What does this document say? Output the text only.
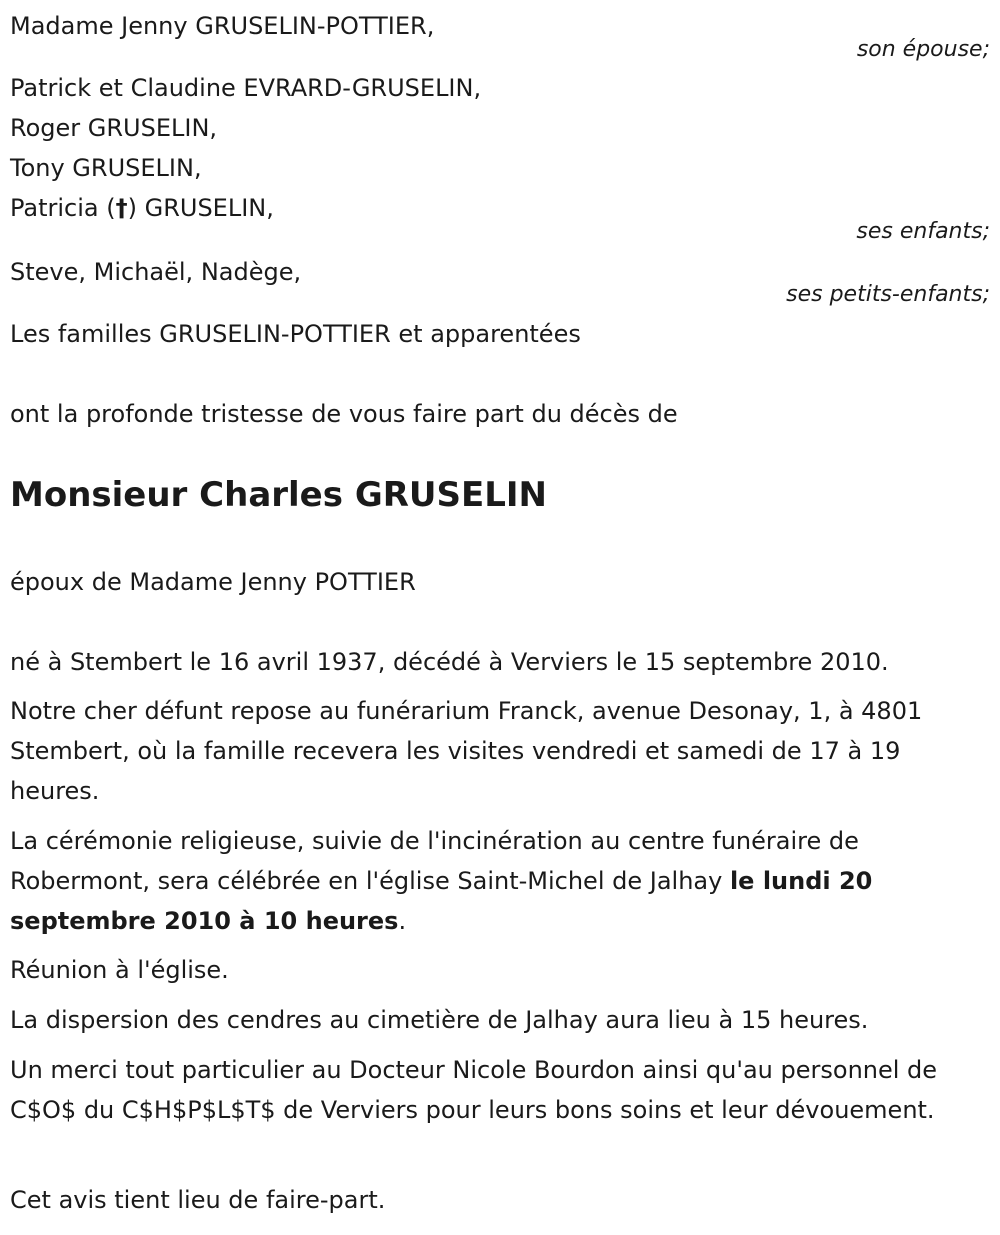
Madame Jenny GRUSELIN-POTTIER,

son épouse;

Patrick et Claudine EVRARD-GRUSELIN,

Roger GRUSELIN,

Tony GRUSELIN,

Patricia (†) GRUSELIN,

ses enfants;

Steve, Michaël, Nadège,

ses petits-enfants;

Les familles GRUSELIN-POTTIER et apparentées

ont la profonde tristesse de vous faire part du décès de

Monsieur Charles GRUSELIN

époux de Madame Jenny POTTIER

né à Stembert le 16 avril 1937, décédé à Verviers le 15 septembre 2010.

Notre cher défunt repose au funérarium Franck, avenue Desonay, 1, à 4801 Stembert, où la famille recevera les visites vendredi et samedi de 17 à 19 heures.

La cérémonie religieuse, suivie de l'incinération au centre funéraire de Robermont, sera célébrée en l'église Saint-Michel de Jalhay le lundi 20 septembre 2010 à 10 heures.

Réunion à l'église.

La dispersion des cendres au cimetière de Jalhay aura lieu à 15 heures.

Un merci tout particulier au Docteur Nicole Bourdon ainsi qu'au personnel de C$O$ du C$H$P$L$T$ de Verviers pour leurs bons soins et leur dévouement.

Cet avis tient lieu de faire-part.
